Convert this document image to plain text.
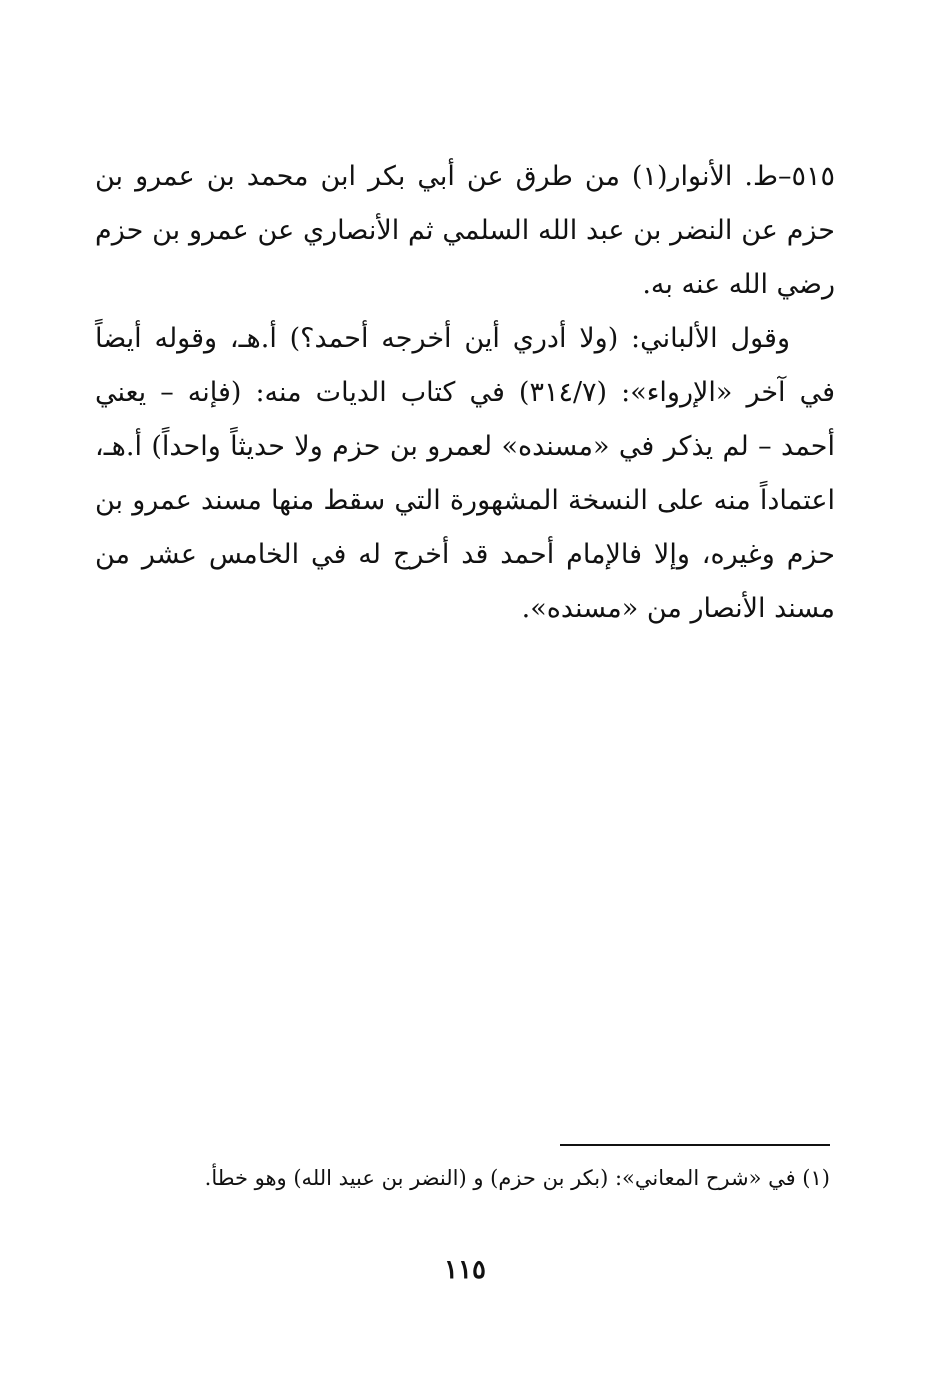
٥١٥–ط. الأنوار(١) من طرق عن أبي بكر ابن محمد بن عمرو بن حزم عن النضر بن عبد الله السلمي ثم الأنصاري عن عمرو بن حزم رضي الله عنه به.

وقول الألباني: (ولا أدري أين أخرجه أحمد؟) أ.هـ، وقوله أيضاً في آخر «الإرواء»: (٣١٤/٧) في كتاب الديات منه: (فإنه – يعني أحمد – لم يذكر في «مسنده» لعمرو بن حزم ولا حديثاً واحداً) أ.هـ، اعتماداً منه على النسخة المشهورة التي سقط منها مسند عمرو بن حزم وغيره، وإلا فالإمام أحمد قد أخرج له في الخامس عشر من مسند الأنصار من «مسنده».

(١) في «شرح المعاني»: (بكر بن حزم) و (النضر بن عبيد الله) وهو خطأ.
١١٥
